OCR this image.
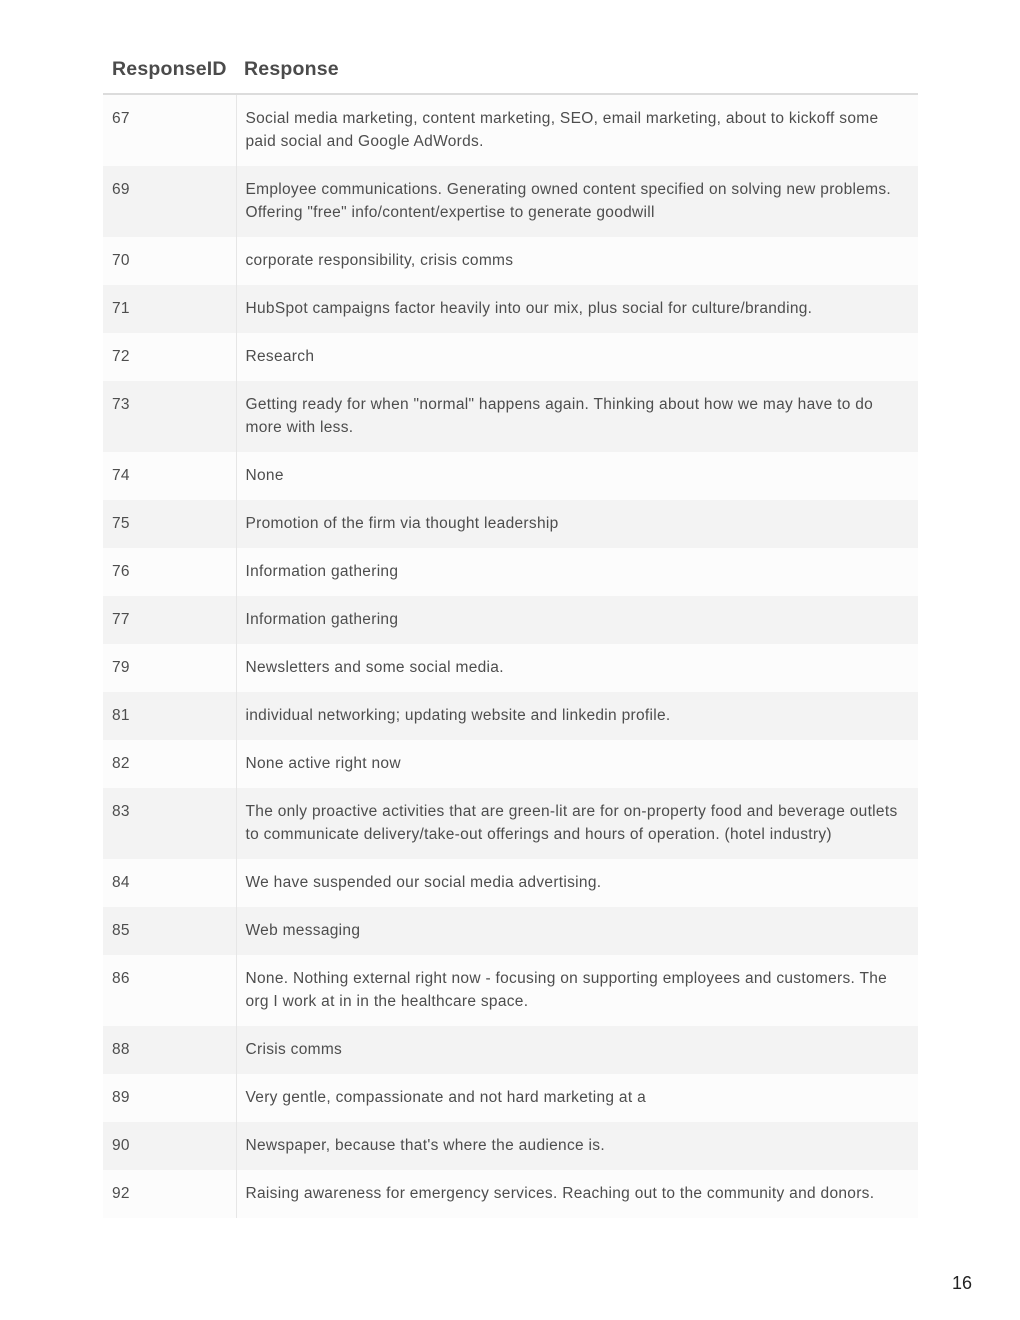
ResponseID	Response
67	Social media marketing, content marketing, SEO, email marketing, about to kickoff some paid social and Google AdWords.
69	Employee communications. Generating owned content specified on solving new problems. Offering "free" info/content/expertise to generate goodwill
70	corporate responsibility, crisis comms
71	HubSpot campaigns factor heavily into our mix, plus social for culture/branding.
72	Research
73	Getting ready for when "normal" happens again. Thinking about how we may have to do more with less.
74	None
75	Promotion of the firm via thought leadership
76	Information gathering
77	Information gathering
79	Newsletters and some social media.
81	individual networking; updating website and linkedin profile.
82	None active right now
83	The only proactive activities that are green-lit are for on-property food and beverage outlets to communicate delivery/take-out offerings and hours of operation. (hotel industry)
84	We have suspended our social media advertising.
85	Web messaging
86	None. Nothing external right now - focusing on supporting employees and customers. The org I work at in in the healthcare space.
88	Crisis comms
89	Very gentle, compassionate and not hard marketing at a
90	Newspaper, because that's where the audience is.
92	Raising awareness for emergency services. Reaching out to the community and donors.
16
